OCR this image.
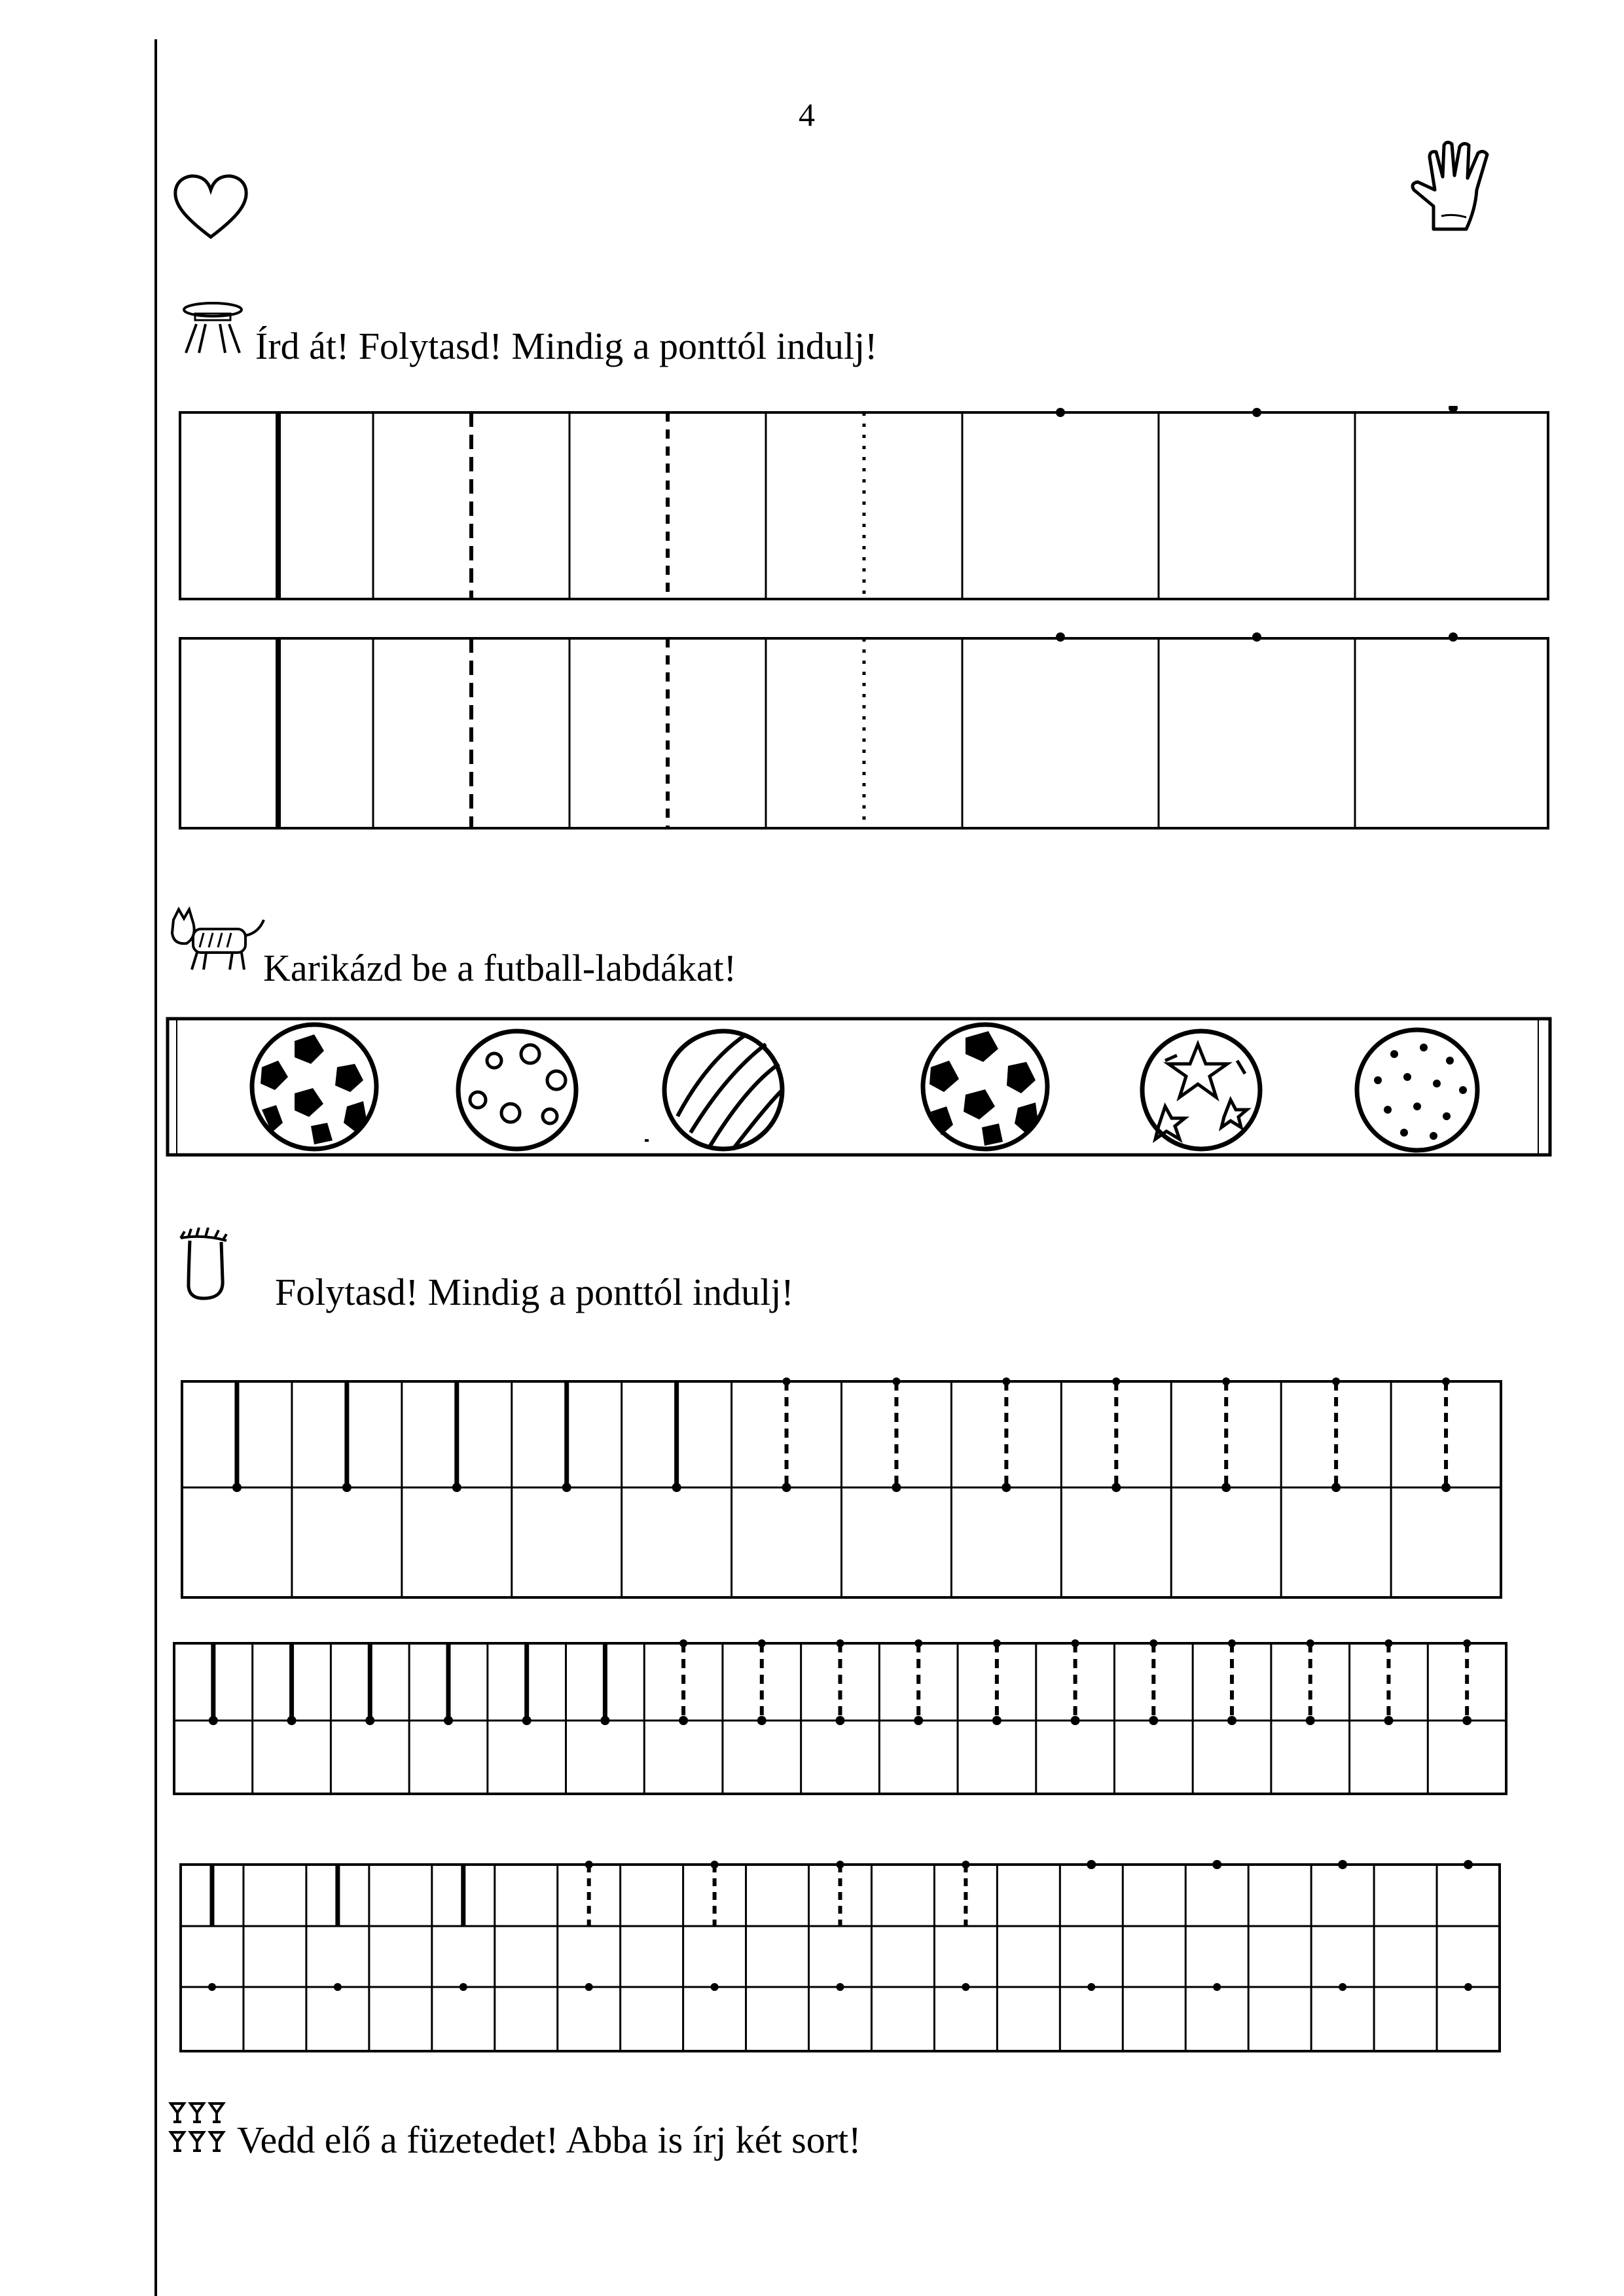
4
Írd át! Folytasd! Mindig a ponttól indulj!
Karikázd be a futball-labdákat!
Folytasd! Mindig a ponttól indulj!
Vedd elő a füzetedet! Abba is írj két sort!
